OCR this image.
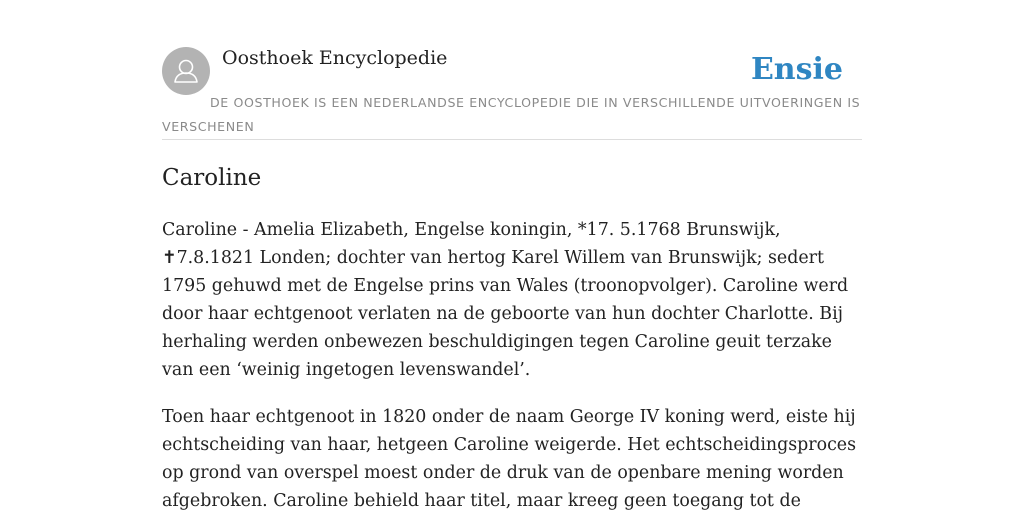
Oosthoek Encyclopedie	Ensie
DE OOSTHOEK IS EEN NEDERLANDSE ENCYCLOPEDIE DIE IN VERSCHILLENDE UITVOERINGEN IS VERSCHENEN
Caroline

Caroline - Amelia Elizabeth, Engelse koningin, *17. 5.1768 Brunswijk, ✝7.8.1821 Londen; dochter van hertog Karel Willem van Brunswijk; sedert 1795 gehuwd met de Engelse prins van Wales (troonopvolger). Caroline werd door haar echtgenoot verlaten na de geboorte van hun dochter Charlotte. Bij herhaling werden onbewezen beschuldigingen tegen Caroline geuit terzake van een ‘weinig ingetogen levenswandel’.

Toen haar echtgenoot in 1820 onder de naam George IV koning werd, eiste hij echtscheiding van haar, hetgeen Caroline weigerde. Het echtscheidingsproces op grond van overspel moest onder de druk van de openbare mening worden afgebroken. Caroline behield haar titel, maar kreeg geen toegang tot de
